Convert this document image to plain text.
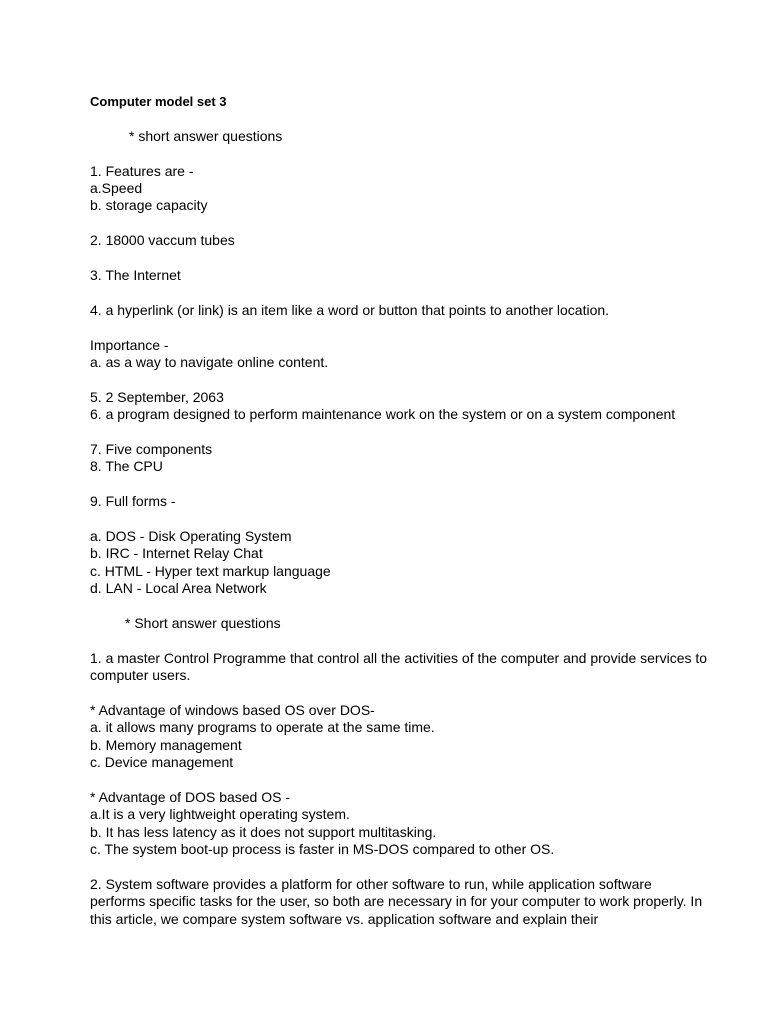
Computer model set 3
* short answer questions
1. Features are -
a.Speed
b. storage capacity
2. 18000 vaccum tubes
3. The Internet
4. a hyperlink (or link) is an item like a word or button that points to another location.
Importance -
a. as a way to navigate online content.
5. 2 September, 2063
6. a program designed to perform maintenance work on the system or on a system component
7. Five components
8. The CPU
9. Full forms -
a. DOS - Disk Operating System
b. IRC - Internet Relay Chat
c. HTML - Hyper text markup language
d. LAN - Local Area Network
* Short answer questions
1. a master Control Programme that control all the activities of the computer and provide services to computer users.
* Advantage of windows based OS over DOS-
a. it allows many programs to operate at the same time.
b. Memory management
c. Device management
* Advantage of DOS based OS -
a.It is a very lightweight operating system.
b. It has less latency as it does not support multitasking.
c. The system boot-up process is faster in MS-DOS compared to other OS.
2. System software provides a platform for other software to run, while application software performs specific tasks for the user, so both are necessary in for your computer to work properly. In this article, we compare system software vs. application software and explain their
